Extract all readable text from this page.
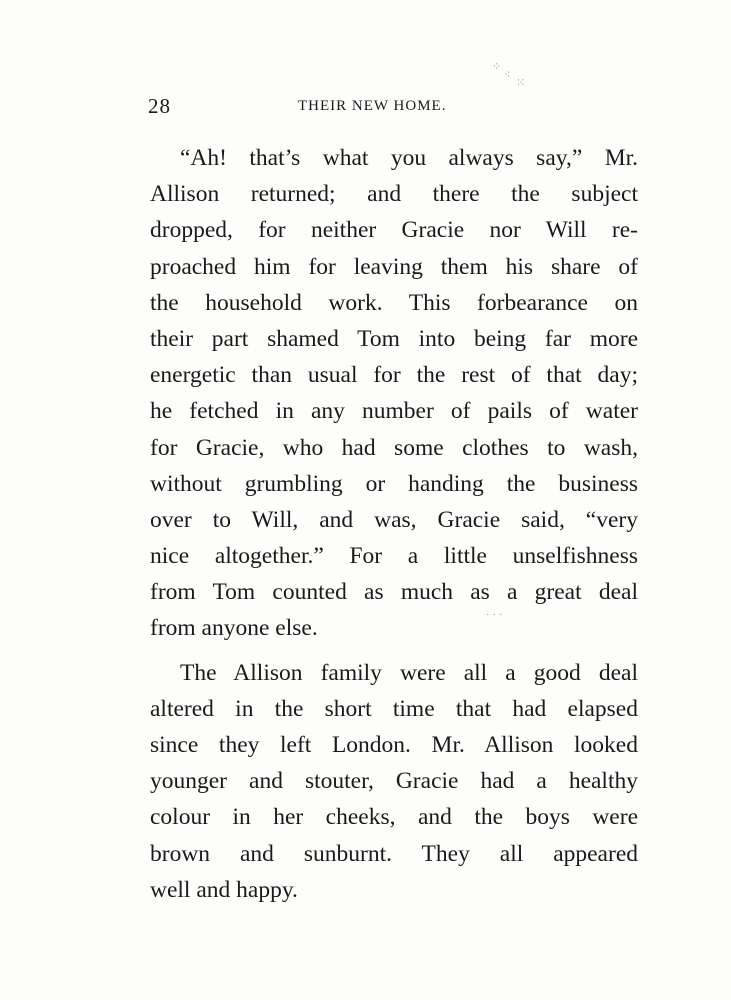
⁘
⁖
⁙
· · ·
28	THEIR NEW HOME.
“Ah! that’s what you always say,” Mr.
Allison returned; and there the subject
dropped, for neither Gracie nor Will re-
proached him for leaving them his share of
the household work. This forbearance on
their part shamed Tom into being far more
energetic than usual for the rest of that day;
he fetched in any number of pails of water
for Gracie, who had some clothes to wash,
without grumbling or handing the business
over to Will, and was, Gracie said, “very
nice altogether.” For a little unselfishness
from Tom counted as much as a great deal
from anyone else.
The Allison family were all a good deal
altered in the short time that had elapsed
since they left London. Mr. Allison looked
younger and stouter, Gracie had a healthy
colour in her cheeks, and the boys were
brown and sunburnt. They all appeared
well and happy.
